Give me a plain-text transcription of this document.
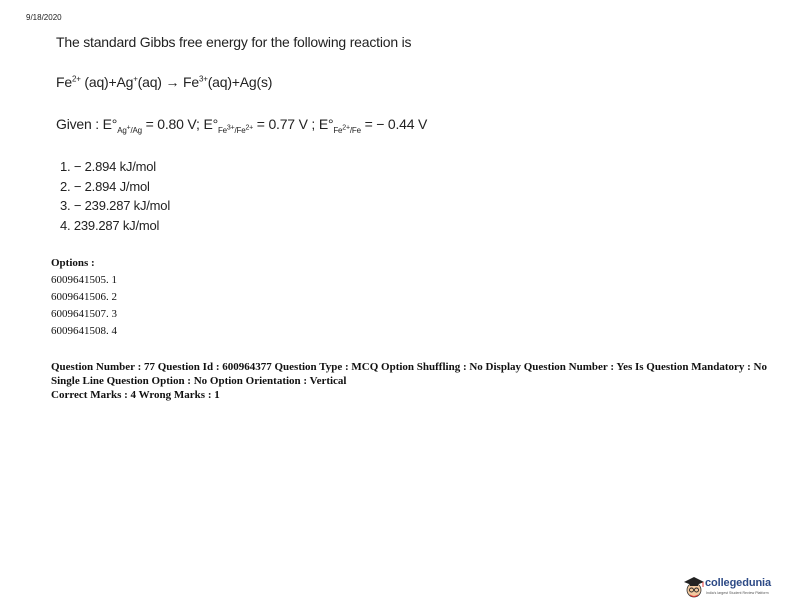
9/18/2020
The standard Gibbs free energy for the following reaction is
$Fe^{2+}$ $(aq)+Ag^+(aq) \to Fe^{3+}(aq)+Ag(s)$
Given : $E^\circ_{Ag^+/Ag} = 0.80$ V; $E^\circ_{Fe^{3+}/Fe^{2+}} = 0.77$ V ; $E^\circ_{Fe^{2+}/Fe}$ = − 0.44 V
1. − 2.894 kJ/mol
2. − 2.894 J/mol
3. − 239.287 kJ/mol
4. 239.287 kJ/mol
Options :
6009641505. 1
6009641506. 2
6009641507. 3
6009641508. 4
Question Number : 77 Question Id : 600964377 Question Type : MCQ Option Shuffling : No Display Question Number : Yes Is Question Mandatory : No Single Line Question Option : No Option Orientation : Vertical
Correct Marks : 4 Wrong Marks : 1
collegedunia
India's largest Student Review Platform
